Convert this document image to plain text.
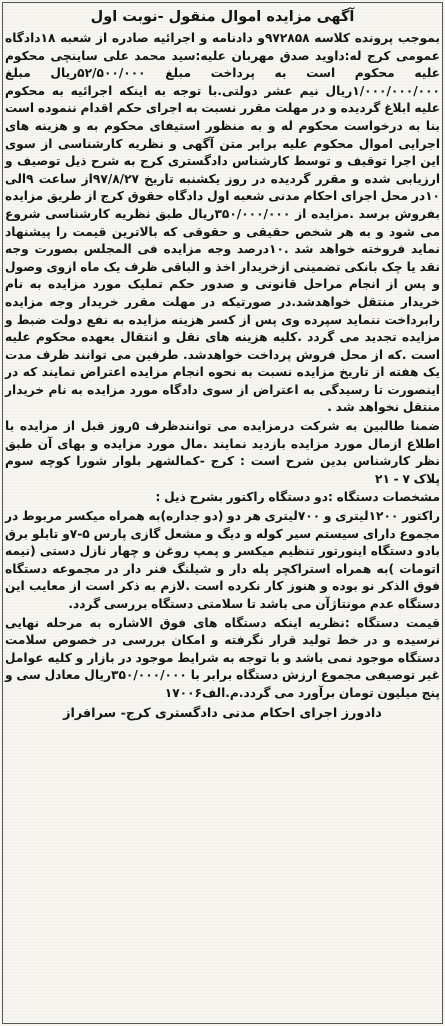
آگهی مزایده اموال منقول -نوبت اول

بموجب پرونده کلاسه ۹۷۲۸۵۸و دادنامه و اجرائیه صادره از شعبه ۱۸دادگاه عمومی کرج له:داوید صدق مهربان علیه:سید محمد علی ساینچی محکوم علیه محکوم است به پرداخت مبلغ ۵۲/۵۰۰/۰۰۰ریال مبلغ ۱/۰۰۰/۰۰۰/۰۰۰ریال نیم عشر دولتی.با توجه به اینکه اجرائیه به محکوم علیه ابلاغ گردیده و در مهلت مقرر نسبت به اجرای حکم اقدام ننموده است بنا به درخواست محکوم له و به منظور استیفای محکوم به و هزینه های اجرایی اموال محکوم علیه برابر متن آگهی و نظریه کارشناسی از سوی این اجرا توقیف و توسط کارشناس دادگستری کرج به شرح ذیل توصیف و ارزیابی شده و مقرر گردیده در روز یکشنبه تاریخ ۹۷/۸/۲۷از ساعت ۹الی ۱۰در محل اجرای احکام مدنی شعبه اول دادگاه حقوق کرج از طریق مزایده بفروش برسد .مزایده از ۳۵۰/۰۰۰/۰۰۰ریال طبق نظریه کارشناسی شروع می شود و به هر شخص حقیقی و حقوقی که بالاترین قیمت را پیشنهاد نماید فروخته خواهد شد .۱۰درصد وجه مزایده فی المجلس بصورت وجه نقد یا چک بانکی تضمینی ازخریدار اخذ و الباقی ظرف یک ماه ازوی وصول و پس از انجام مراحل قانونی و صدور حکم تملیک مورد مزایده به نام خریدار منتقل خواهدشد.در صورتیکه در مهلت مقرر خریدار وجه مزایده رابرداخت ننماید سپرده وی پس از کسر هزینه مزایده به نفع دولت ضبط و مزایده تجدید می گردد .کلیه هزینه های نقل و انتقال بعهده محکوم علیه است .که از محل فروش پرداخت خواهدشد. طرفین می توانند ظرف مدت یک هفته از تاریخ مزایده نسبت به نحوه انجام مزایده اعتراض نمایند که در اینصورت تا رسیدگی به اعتراض از سوی دادگاه مورد مزایده به نام خریدار منتقل نخواهد شد .

ضمنا طالبین به شرکت درمزایده می توانندظرف ۵روز قبل از مزایده با اطلاع ازمال مورد مزایده بازدید نمایند .مال مورد مزایده و بهای آن طبق نظر کارشناس بدین شرح است : کرج -کمالشهر بلوار شورا کوچه سوم پلاک ۷ - ۲۱

مشخصات دستگاه :دو دستگاه راکتور بشرح ذیل :

راکتور ۱۲۰۰لیتری و ۷۰۰لیتری هر دو (دو جداره)به همراه میکسر مربوط در مجموع دارای سیستم سیر کوله و دیگ و مشعل گازی پارس ۵-۷و تابلو برق بادو دستگاه اینورتور تنظیم میکسر و پمپ روغن و چهار نازل دستی (نیمه اتومات )به همراه استراکچر پله دار و شیلنگ فنر دار در مجموعه دستگاه فوق الذکر نو بوده و هنوز کار نکرده است .لازم به ذکر است از معایب این دستگاه عدم مونتاژآن می باشد تا سلامتی دستگاه بررسی گردد.

قیمت دستگاه :نظریه اینکه دستگاه های فوق الاشاره به مرحله نهایی نرسیده و در خط تولید قرار نگرفته و امکان بررسی در خصوص سلامت دستگاه موجود نمی باشد و با توجه به شرایط موجود در بازار و کلیه عوامل غیر توصیفی مجموع ارزش دستگاه برابر با ۳۵۰/۰۰۰/۰۰۰ریال معادل سی و پنج میلیون تومان برآورد می گردد.م.الف۱۷۰۰۶

دادورز اجرای احکام مدنی دادگستری کرج- سرافراز
